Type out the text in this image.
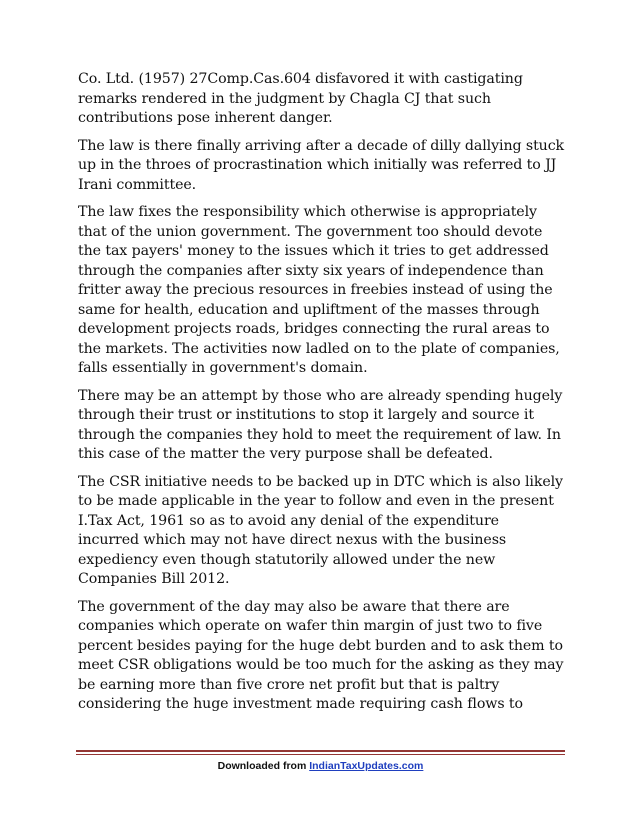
Co. Ltd. (1957) 27Comp.Cas.604 disfavored it with castigating
remarks rendered in the judgment by Chagla CJ that such
contributions pose inherent danger.

The law is there finally arriving after a decade of dilly dallying stuck
up in the throes of procrastination which initially was referred to JJ
Irani committee.

The law fixes the responsibility which otherwise is appropriately
that of the union government. The government too should devote
the tax payers' money to the issues which it tries to get addressed
through the companies after sixty six years of independence than
fritter away the precious resources in freebies instead of using the
same for health, education and upliftment of the masses through
development projects roads, bridges connecting the rural areas to
the markets. The activities now ladled on to the plate of companies,
falls essentially in government's domain.

There may be an attempt by those who are already spending hugely
through their trust or institutions to stop it largely and source it
through the companies they hold to meet the requirement of law. In
this case of the matter the very purpose shall be defeated.

The CSR initiative needs to be backed up in DTC which is also likely
to be made applicable in the year to follow and even in the present
I.Tax Act, 1961 so as to avoid any denial of the expenditure
incurred which may not have direct nexus with the business
expediency even though statutorily allowed under the new
Companies Bill 2012.

The government of the day may also be aware that there are
companies which operate on wafer thin margin of just two to five
percent besides paying for the huge debt burden and to ask them to
meet CSR obligations would be too much for the asking as they may
be earning more than five crore net profit but that is paltry
considering the huge investment made requiring cash flows to

Downloaded from IndianTaxUpdates.com
